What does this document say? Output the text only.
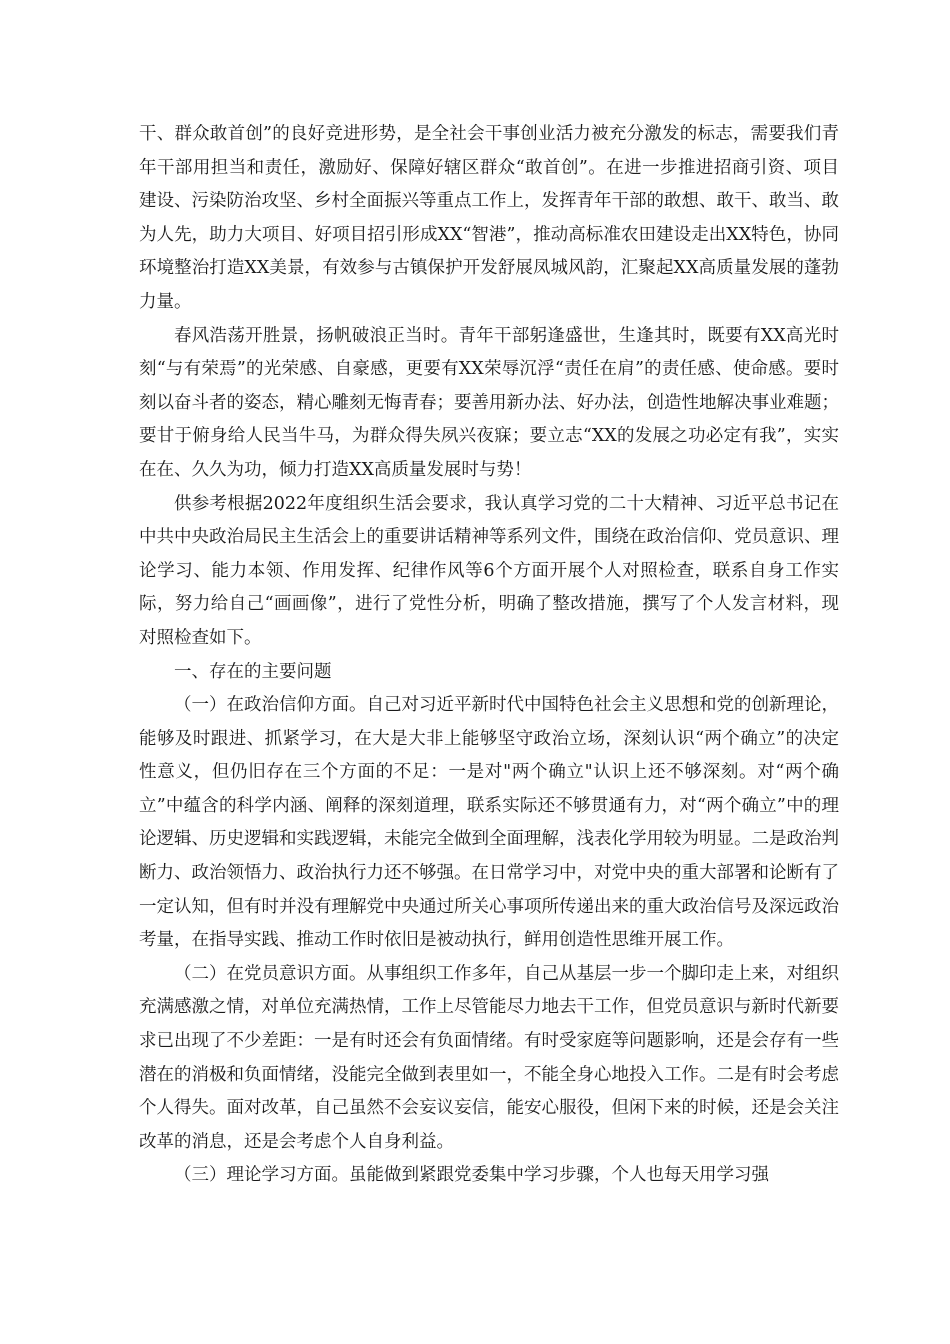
干、群众敢首创”的良好竞进形势，是全社会干事创业活力被充分激发的标志，需要我们青年干部用担当和责任，激励好、保障好辖区群众“敢首创”。在进一步推进招商引资、项目建设、污染防治攻坚、乡村全面振兴等重点工作上，发挥青年干部的敢想、敢干、敢当、敢为人先，助力大项目、好项目招引形成XX“智港”，推动高标准农田建设走出XX特色，协同环境整治打造XX美景，有效参与古镇保护开发舒展凤城风韵，汇聚起XX高质量发展的蓬勃力量。

春风浩荡开胜景，扬帆破浪正当时。青年干部躬逢盛世，生逢其时，既要有XX高光时刻“与有荣焉”的光荣感、自豪感，更要有XX荣辱沉浮“责任在肩”的责任感、使命感。要时刻以奋斗者的姿态，精心雕刻无悔青春；要善用新办法、好办法，创造性地解决事业难题；要甘于俯身给人民当牛马，为群众得失夙兴夜寐；要立志“XX的发展之功必定有我”，实实在在、久久为功，倾力打造XX高质量发展时与势！

供参考根据2022年度组织生活会要求，我认真学习党的二十大精神、习近平总书记在中共中央政治局民主生活会上的重要讲话精神等系列文件，围绕在政治信仰、党员意识、理论学习、能力本领、作用发挥、纪律作风等6个方面开展个人对照检查，联系自身工作实际，努力给自己“画画像”，进行了党性分析，明确了整改措施，撰写了个人发言材料，现对照检查如下。

一、存在的主要问题

（一）在政治信仰方面。自己对习近平新时代中国特色社会主义思想和党的创新理论，能够及时跟进、抓紧学习，在大是大非上能够坚守政治立场，深刻认识“两个确立”的决定性意义，但仍旧存在三个方面的不足：一是对"两个确立"认识上还不够深刻。对“两个确立”中蕴含的科学内涵、阐释的深刻道理，联系实际还不够贯通有力，对“两个确立”中的理论逻辑、历史逻辑和实践逻辑，未能完全做到全面理解，浅表化学用较为明显。二是政治判断力、政治领悟力、政治执行力还不够强。在日常学习中，对党中央的重大部署和论断有了一定认知，但有时并没有理解党中央通过所关心事项所传递出来的重大政治信号及深远政治考量，在指导实践、推动工作时依旧是被动执行，鲜用创造性思维开展工作。

（二）在党员意识方面。从事组织工作多年，自己从基层一步一个脚印走上来，对组织充满感激之情，对单位充满热情，工作上尽管能尽力地去干工作，但党员意识与新时代新要求已出现了不少差距：一是有时还会有负面情绪。有时受家庭等问题影响，还是会存有一些潜在的消极和负面情绪，没能完全做到表里如一，不能全身心地投入工作。二是有时会考虑个人得失。面对改革，自己虽然不会妄议妄信，能安心服役，但闲下来的时候，还是会关注改革的消息，还是会考虑个人自身利益。

（三）理论学习方面。虽能做到紧跟党委集中学习步骤，个人也每天用学习强
